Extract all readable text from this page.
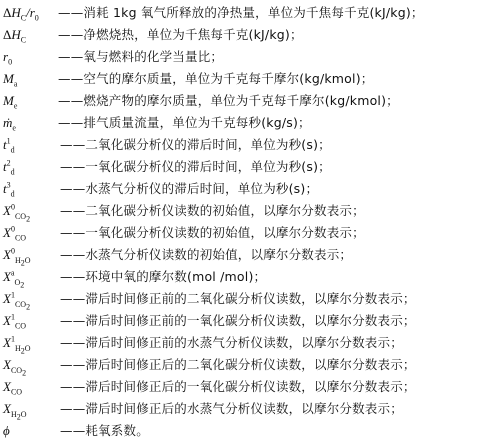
$\Delta H_C/r_0$ ——消耗 1kg 氧气所释放的净热量，单位为千焦每千克(kJ/kg)；
$\Delta H_C$	——净燃烧热，单位为千焦每千克(kJ/kg)；
$r_0$	——氧与燃料的化学当量比；
$M_a$	——空气的摩尔质量，单位为千克每千摩尔(kg/kmol)；
$M_e$	——燃烧产物的摩尔质量，单位为千克每千摩尔(kg/kmol)；
ṁ$_e$	——排气质量流量，单位为千克每秒(kg/s)；
$t^1_d$	——二氧化碳分析仪的滞后时间，单位为秒(s)；
$t^2_d$	——一氧化碳分析仪的滞后时间，单位为秒(s)；
$t^3_d$	——水蒸气分析仪的滞后时间，单位为秒(s)；
$X^0_{CO_2}$
——二氧化碳分析仪读数的初始值，以摩尔分数表示；
$X^0_{CO}$	——一氧化碳分析仪读数的初始值，以摩尔分数表示；
$X^0_{H_2O}$ ——水蒸气分析仪读数的初始值，以摩尔分数表示；
$X^a_{O_2}$
——环境中氧的摩尔数(mol /mol)；
$X^1_{CO_2}$
——滞后时间修正前的二氧化碳分析仪读数，以摩尔分数表示；
$X^1_{CO}$	——滞后时间修正前的一氧化碳分析仪读数，以摩尔分数表示；
$X^1_{H_2O}$ ——滞后时间修正前的水蒸气分析仪读数，以摩尔分数表示；
$X_{CO_2}$
——滞后时间修正后的二氧化碳分析仪读数，以摩尔分数表示；
$X_{CO}$	——滞后时间修正后的一氧化碳分析仪读数，以摩尔分数表示；
$X_{H_2O}$	——滞后时间修正后的水蒸气分析仪读数，以摩尔分数表示；
ϕ	——耗氧系数。
